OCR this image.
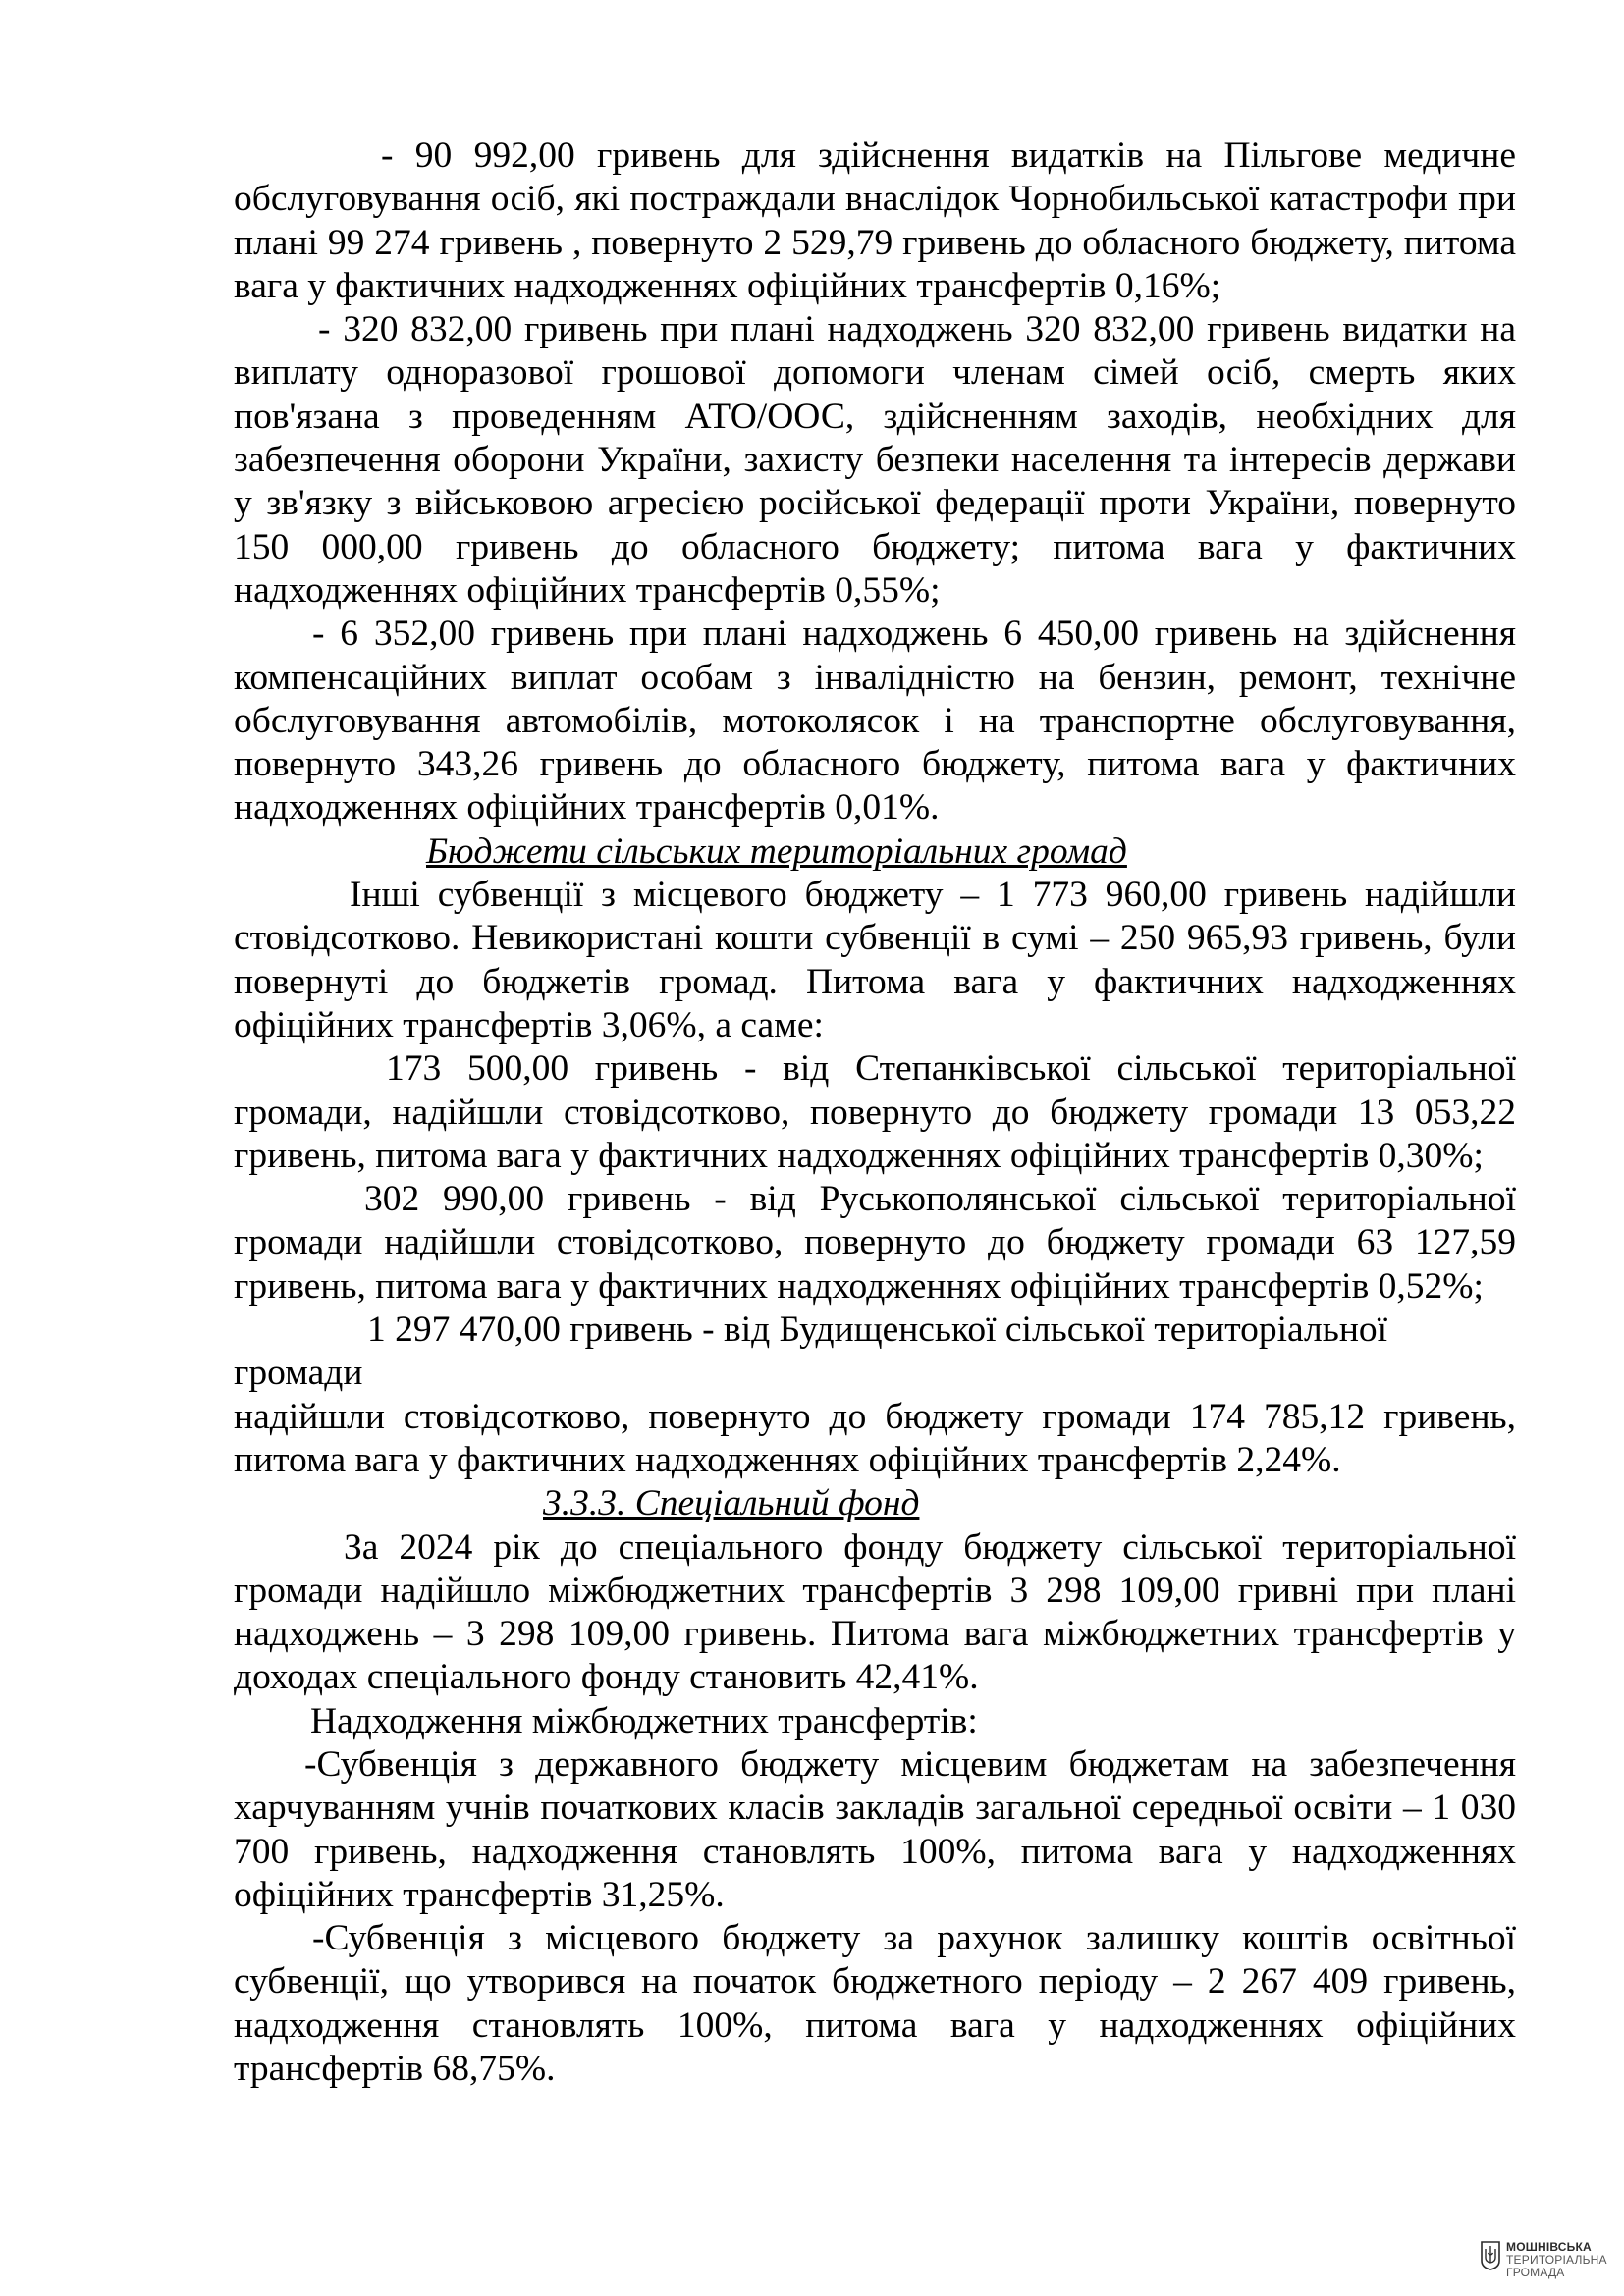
- 90 992,00 гривень для здійснення видатків на Пільгове медичне обслуговування осіб, які постраждали внаслідок Чорнобильської катастрофи при плані 99 274 гривень , повернуто 2 529,79 гривень до обласного бюджету, питома вага у фактичних надходженнях офіційних трансфертів 0,16%;

- 320 832,00 гривень при плані надходжень 320 832,00 гривень видатки на виплату одноразової грошової допомоги членам сімей осіб, смерть яких пов'язана з проведенням АТО/ООС, здійсненням заходів, необхідних для забезпечення оборони України, захисту безпеки населення та інтересів держави у зв'язку з військовою агресією російської федерації проти України, повернуто 150 000,00 гривень до обласного бюджету; питома вага у фактичних надходженнях офіційних трансфертів 0,55%;

- 6 352,00 гривень при плані надходжень 6 450,00 гривень на здійснення компенсаційних виплат особам з інвалідністю на бензин, ремонт, технічне обслуговування автомобілів, мотоколясок і на транспортне обслуговування, повернуто 343,26 гривень до обласного бюджету, питома вага у фактичних надходженнях офіційних трансфертів 0,01%.

Бюджети сільських територіальних громад

Інші субвенції з місцевого бюджету – 1 773 960,00 гривень надійшли стовідсотково. Невикористані кошти субвенції в сумі – 250 965,93 гривень, були повернуті до бюджетів громад. Питома вага у фактичних надходженнях офіційних трансфертів 3,06%, а саме:

173 500,00 гривень - від Степанківської сільської територіальної громади, надійшли стовідсотково, повернуто до бюджету громади 13 053,22 гривень, питома вага у фактичних надходженнях офіційних трансфертів 0,30%;

302 990,00 гривень - від Руськополянської сільської територіальної громади надійшли стовідсотково, повернуто до бюджету громади 63 127,59 гривень, питома вага у фактичних надходженнях офіційних трансфертів 0,52%;

1 297 470,00 гривень - від Будищенської сільської територіальної громади

надійшли стовідсотково, повернуто до бюджету громади 174 785,12 гривень, питома вага у фактичних надходженнях офіційних трансфертів 2,24%.

3.3.3. Спеціальний фонд

За 2024 рік до спеціального фонду бюджету сільської територіальної громади надійшло міжбюджетних трансфертів 3 298 109,00 гривні при плані надходжень – 3 298 109,00 гривень. Питома вага міжбюджетних трансфертів у доходах спеціального фонду становить 42,41%.

Надходження міжбюджетних трансфертів:

-Субвенція з державного бюджету місцевим бюджетам на забезпечення харчуванням учнів початкових класів закладів загальної середньої освіти – 1 030 700 гривень, надходження становлять 100%, питома вага у надходженнях офіційних трансфертів 31,25%.

-Субвенція з місцевого бюджету за рахунок залишку коштів освітньої субвенції, що утворився на початок бюджетного періоду – 2 267 409 гривень, надходження становлять 100%, питома вага у надходженнях офіційних трансфертів 68,75%.

МОШНІВСЬКА
ТЕРИТОРІАЛЬНА
ГРОМАДА
